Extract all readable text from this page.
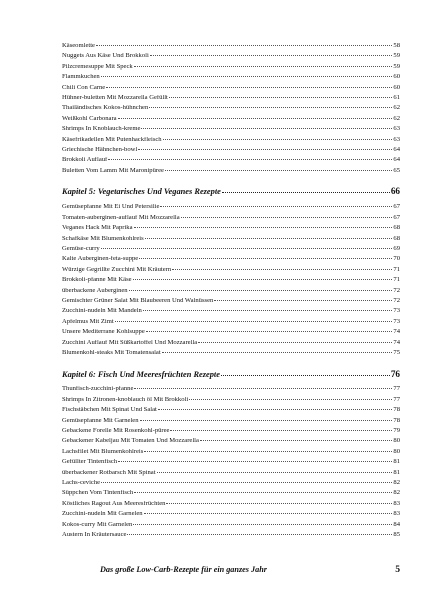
Käseomlette	58
Nuggets Aus Käse Und Brokkoli	59
Pilzcremesuppe Mit Speck	59
Flammkuchen	60
Chili Con Carne	60
Hühner-buletten Mit Mozzarella Gefüllt	61
Thailändisches Kokos-hühnchen	62
Weißkohl Carbonara	62
Shrimps In Knoblauch-kreme	63
Käsefrikadellen Mit Putenhackfleisch	63
Griechische Hähnchen-bowl	64
Brokkoli Auflauf	64
Buletten Vom Lamm Mit Maronipüree	65
Kapitel 5: Vegetarisches Und Veganes Rezepte	66
Gemüsepfanne Mit Ei Und Petersilie	67
Tomaten-auberginen-auflauf Mit Mozzarella	67
Veganes Hack Mit Paprika	68
Schafkäse Mit Blumenkohlreis	68
Gemüse-curry	69
Kalte Auberginen-feta-suppe	70
Würzige Gegrillte Zucchini Mit Kräutern	71
Brokkoli-pfanne Mit Käse	71
überbackene Auberginen	72
Gemischter Grüner Salat Mit Blaubeeren Und Walnüssen	72
Zucchini-nudeln Mit Mandeln	73
Apfelmus Mit Zimt	73
Unsere Mediterrane Kohlsuppe	74
Zucchini Auflauf Mit Süßkartoffel Und Mozzarella	74
Blumenkohl-steaks Mit Tomatensalat	75
Kapitel 6: Fisch Und Meeresfrüchten Rezepte	76
Thunfisch-zucchini-pfanne	77
Shrimps In Zitronen-knoblauch öl Mit Brokkoli	77
Fischstäbchen Mit Spinat Und Salat	78
Gemüsepfanne Mit Garnelen	78
Gebackene Forelle Mit Rosenkohl-püree	79
Gebackener Kabeljau Mit Tomaten Und Mozzarella	80
Lachsfilet Mit Blumenkohlreis	80
Gefüllter Tintenfisch	81
überbackener Rotbarsch Mit Spinat	81
Lachs-ceviche	82
Süppchen Vom Tintenfisch	82
Köstliches Ragout Aus Meeresfrüchten	83
Zucchini-nudeln Mit Garnelen	83
Kokos-curry Mit Garnelen	84
Austern In Kräutersauce	85
Das große Low-Carb-Rezepte für ein ganzes Jahr	5
